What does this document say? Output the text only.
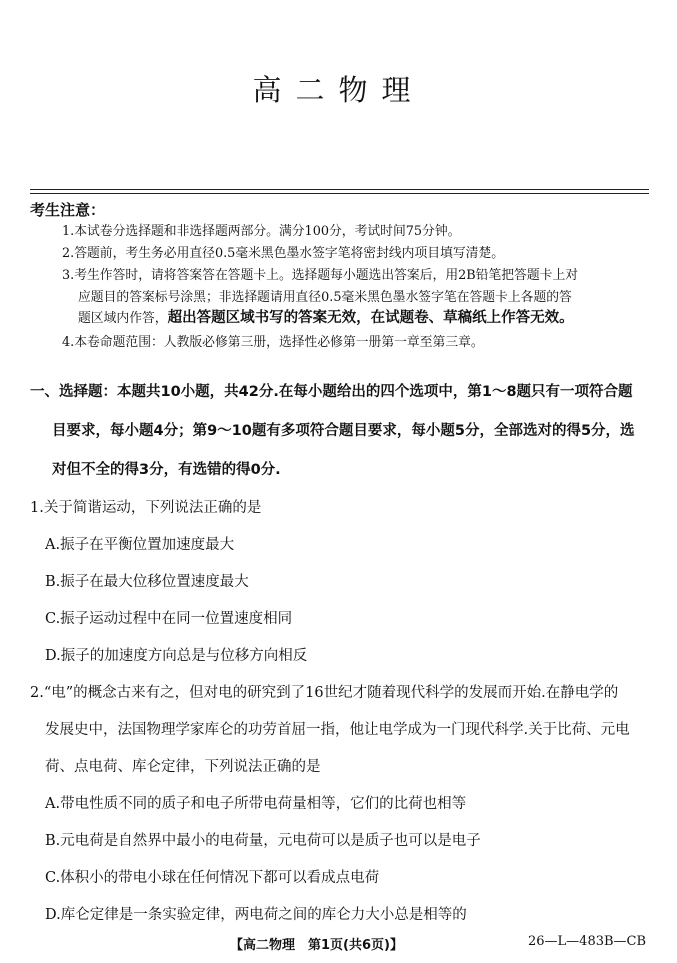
高二物理
考生注意：
1.本试卷分选择题和非选择题两部分。满分100分，考试时间75分钟。
2.答题前，考生务必用直径0.5毫米黑色墨水签字笔将密封线内项目填写清楚。
3.考生作答时，请将答案答在答题卡上。选择题每小题选出答案后，用2B铅笔把答题卡上对
应题目的答案标号涂黑；非选择题请用直径0.5毫米黑色墨水签字笔在答题卡上各题的答
题区域内作答，超出答题区域书写的答案无效，在试题卷、草稿纸上作答无效。
4.本卷命题范围：人教版必修第三册，选择性必修第一册第一章至第三章。
一、选择题：本题共10小题，共42分.在每小题给出的四个选项中，第1～8题只有一项符合题
目要求，每小题4分；第9～10题有多项符合题目要求，每小题5分，全部选对的得5分，选
对但不全的得3分，有选错的得0分.
1.关于简谐运动，下列说法正确的是
A.振子在平衡位置加速度最大
B.振子在最大位移位置速度最大
C.振子运动过程中在同一位置速度相同
D.振子的加速度方向总是与位移方向相反
2.“电”的概念古来有之，但对电的研究到了16世纪才随着现代科学的发展而开始.在静电学的
发展史中，法国物理学家库仑的功劳首屈一指，他让电学成为一门现代科学.关于比荷、元电
荷、点电荷、库仑定律，下列说法正确的是
A.带电性质不同的质子和电子所带电荷量相等，它们的比荷也相等
B.元电荷是自然界中最小的电荷量，元电荷可以是质子也可以是电子
C.体积小的带电小球在任何情况下都可以看成点电荷
D.库仑定律是一条实验定律，两电荷之间的库仑力大小总是相等的
【高二物理　第1页(共6页)】	26—L—483B—CB
